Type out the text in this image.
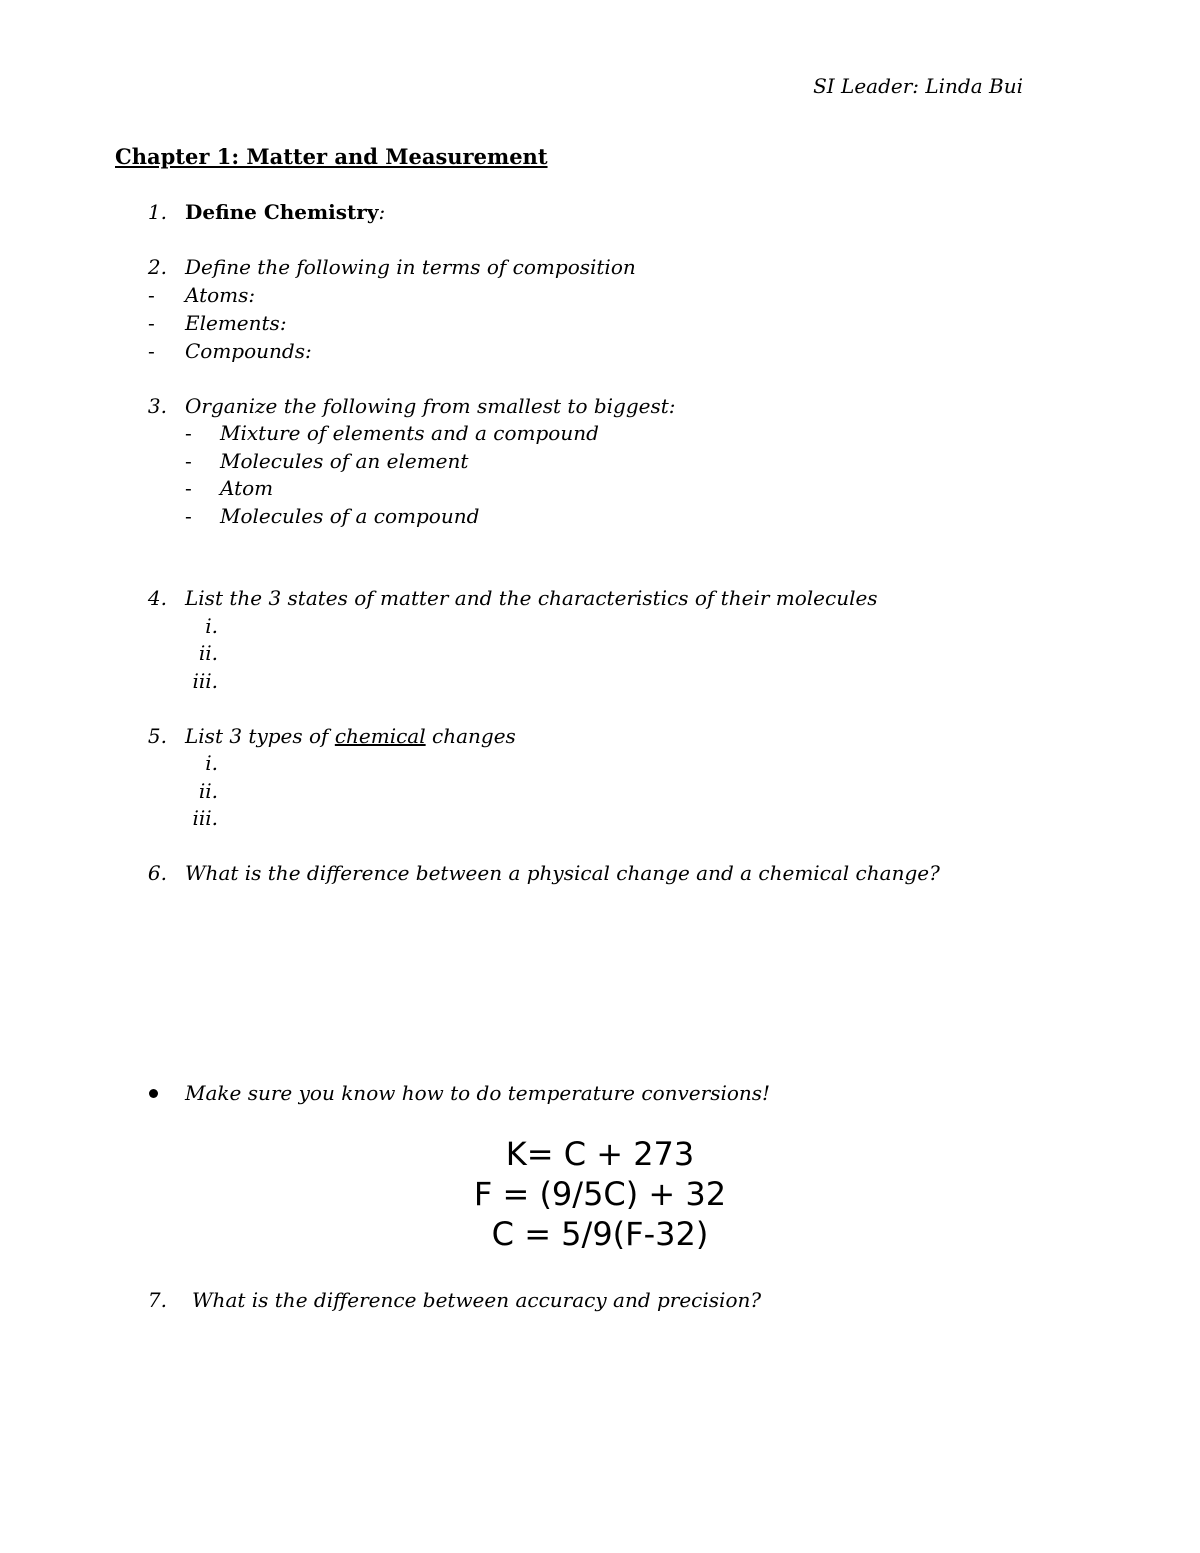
SI Leader: Linda Bui
Chapter 1: Matter and Measurement
1. Define Chemistry:
2. Define the following in terms of composition
- Atoms:
- Elements:
- Compounds:
3. Organize the following from smallest to biggest:
- Mixture of elements and a compound
- Molecules of an element
- Atom
- Molecules of a compound
4. List the 3 states of matter and the characteristics of their molecules
i.
ii.
iii.
5. List 3 types of chemical changes
i.
ii.
iii.
6. What is the difference between a physical change and a chemical change?
Make sure you know how to do temperature conversions!
K= C + 273
F = (9/5C) + 32
C = 5/9(F-32)
7. What is the difference between accuracy and precision?
